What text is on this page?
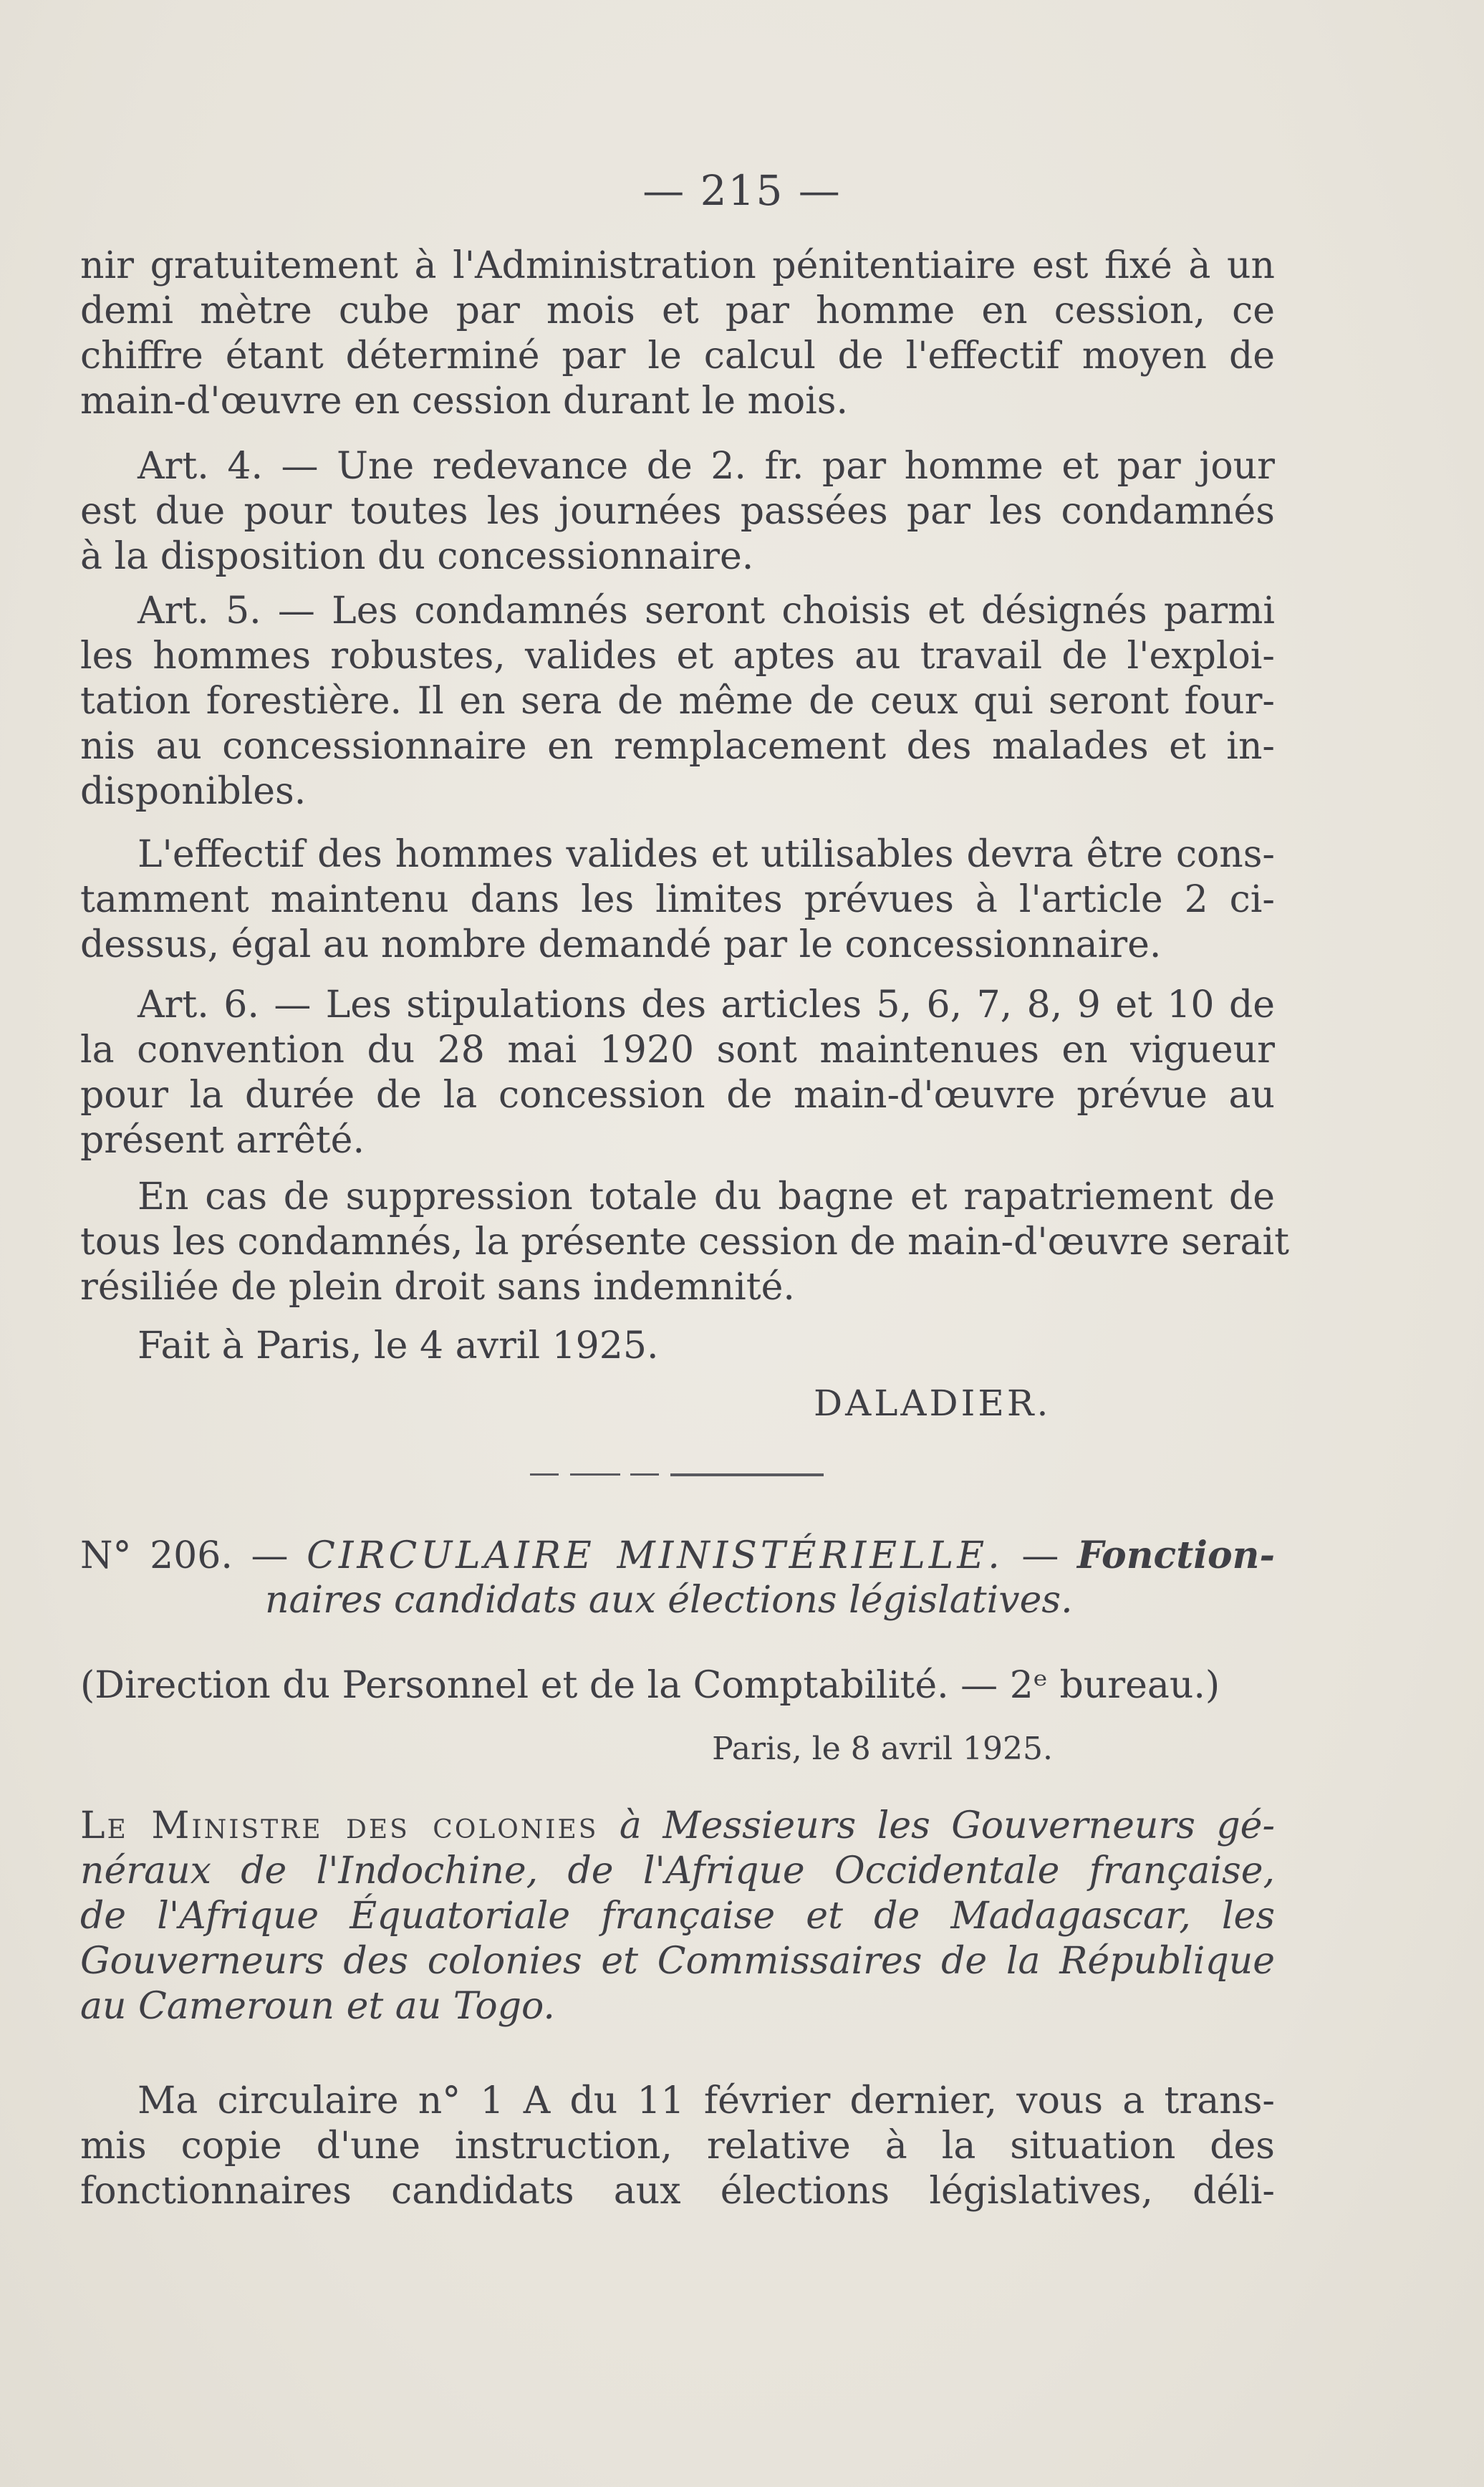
— 215 —
nir gratuitement à l'Administration pénitentiaire est fixé à un
demi mètre cube par mois et par homme en cession, ce
chiffre étant déterminé par le calcul de l'effectif moyen de
main-d'œuvre en cession durant le mois.
Art. 4. — Une redevance de 2. fr. par homme et par jour
est due pour toutes les journées passées par les condamnés
à la disposition du concessionnaire.
Art. 5. — Les condamnés seront choisis et désignés parmi
les hommes robustes, valides et aptes au travail de l'exploi-
tation forestière. Il en sera de même de ceux qui seront four-
nis au concessionnaire en remplacement des malades et in-
disponibles.
L'effectif des hommes valides et utilisables devra être cons-
tamment maintenu dans les limites prévues à l'article 2 ci-
dessus, égal au nombre demandé par le concessionnaire.
Art. 6. — Les stipulations des articles 5, 6, 7, 8, 9 et 10 de
la convention du 28 mai 1920 sont maintenues en vigueur
pour la durée de la concession de main-d'œuvre prévue au
présent arrêté.
En cas de suppression totale du bagne et rapatriement de
tous les condamnés, la présente cession de main-d'œuvre serait
résiliée de plein droit sans indemnité.
Fait à Paris, le 4 avril 1925.
DALADIER.
N° 206. — CIRCULAIRE MINISTÉRIELLE. — Fonction-
naires candidats aux élections législatives.
(Direction du Personnel et de la Comptabilité. — 2ᵉ bureau.)
Paris, le 8 avril 1925.
Le Ministre des colonies à Messieurs les Gouverneurs gé-
néraux de l'Indochine, de l'Afrique Occidentale française,
de l'Afrique Équatoriale française et de Madagascar, les
Gouverneurs des colonies et Commissaires de la République
au Cameroun et au Togo.
Ma circulaire n° 1 A du 11 février dernier, vous a trans-
mis copie d'une instruction, relative à la situation des
fonctionnaires candidats aux élections législatives, déli-
